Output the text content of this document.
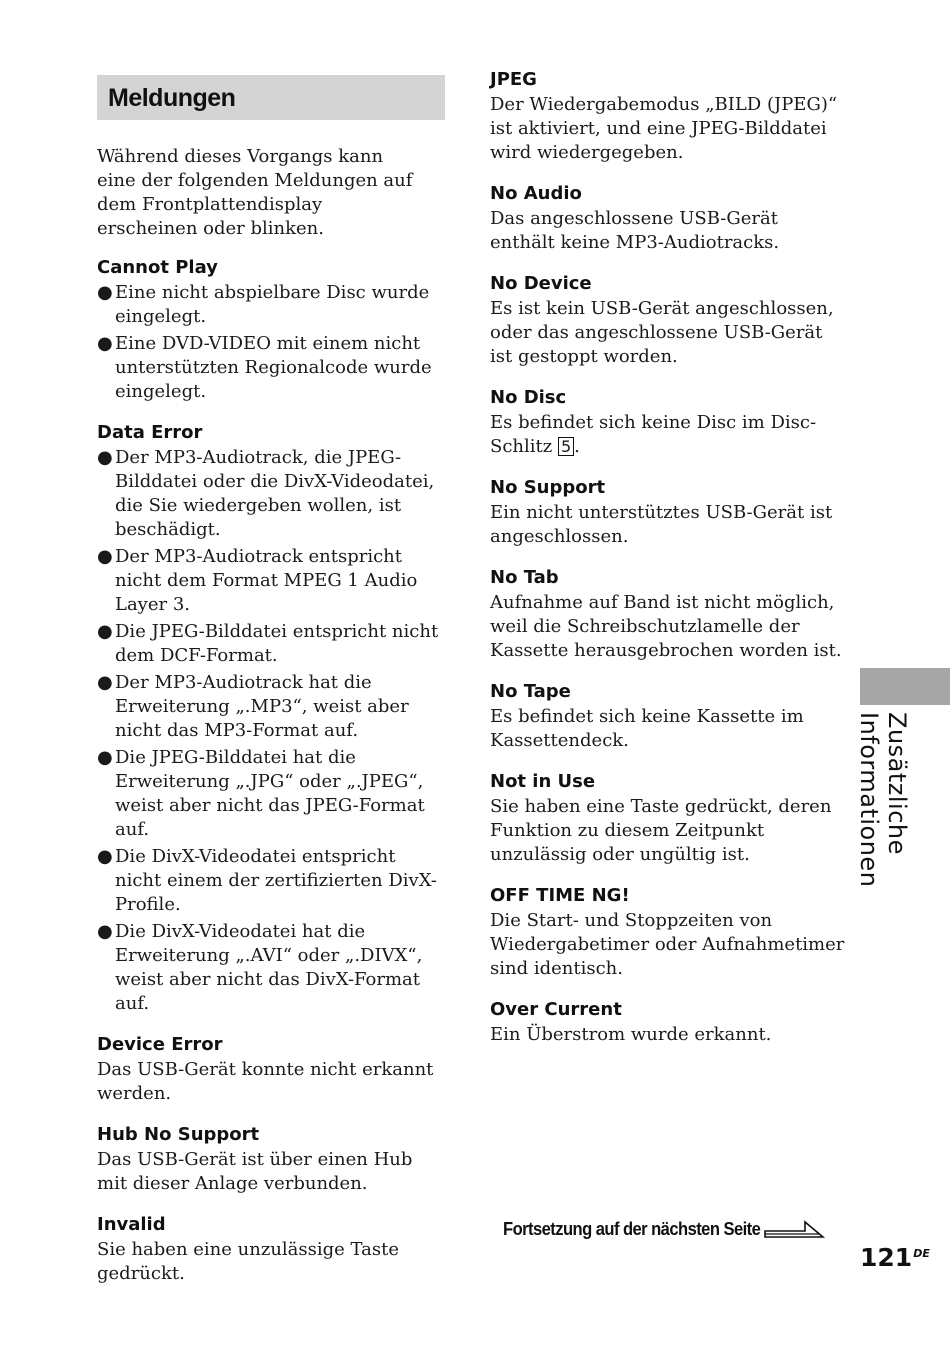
Meldungen

Während dieses Vorgangs kann eine der folgenden Meldungen auf dem Frontplattendisplay erscheinen oder blinken.

Cannot Play
● Eine nicht abspielbare Disc wurde eingelegt.
● Eine DVD-VIDEO mit einem nicht unterstützten Regionalcode wurde eingelegt.
Data Error
● Der MP3-Audiotrack, die JPEG-Bilddatei oder die DivX-Videodatei, die Sie wiedergeben wollen, ist beschädigt.
● Der MP3-Audiotrack entspricht nicht dem Format MPEG 1 Audio Layer 3.
● Die JPEG-Bilddatei entspricht nicht dem DCF-Format.
● Der MP3-Audiotrack hat die Erweiterung „.MP3“, weist aber nicht das MP3-Format auf.
● Die JPEG-Bilddatei hat die Erweiterung „.JPG“ oder „.JPEG“, weist aber nicht das JPEG-Format auf.
● Die DivX-Videodatei entspricht nicht einem der zertifizierten DivX-Profile.
● Die DivX-Videodatei hat die Erweiterung „.AVI“ oder „.DIVX“, weist aber nicht das DivX-Format auf.
Device Error

Das USB-Gerät konnte nicht erkannt werden.

Hub No Support

Das USB-Gerät ist über einen Hub mit dieser Anlage verbunden.

Invalid

Sie haben eine unzulässige Taste gedrückt.

JPEG

Der Wiedergabemodus „BILD (JPEG)“ ist aktiviert, und eine JPEG-Bilddatei wird wiedergegeben.

No Audio

Das angeschlossene USB-Gerät enthält keine MP3-Audiotracks.

No Device

Es ist kein USB-Gerät angeschlossen, oder das angeschlossene USB-Gerät ist gestoppt worden.

No Disc

Es befindet sich keine Disc im Disc-Schlitz 5 .

No Support

Ein nicht unterstütztes USB-Gerät ist angeschlossen.

No Tab

Aufnahme auf Band ist nicht möglich, weil die Schreibschutzlamelle der Kassette herausgebrochen worden ist.

No Tape

Es befindet sich keine Kassette im Kassettendeck.

Not in Use

Sie haben eine Taste gedrückt, deren Funktion zu diesem Zeitpunkt unzulässig oder ungültig ist.

OFF TIME NG!

Die Start- und Stoppzeiten von Wiedergabetimer oder Aufnahmetimer sind identisch.

Over Current

Ein Überstrom wurde erkannt.

Zusätzliche Informationen
Fortsetzung auf der nächsten Seite
121DE
